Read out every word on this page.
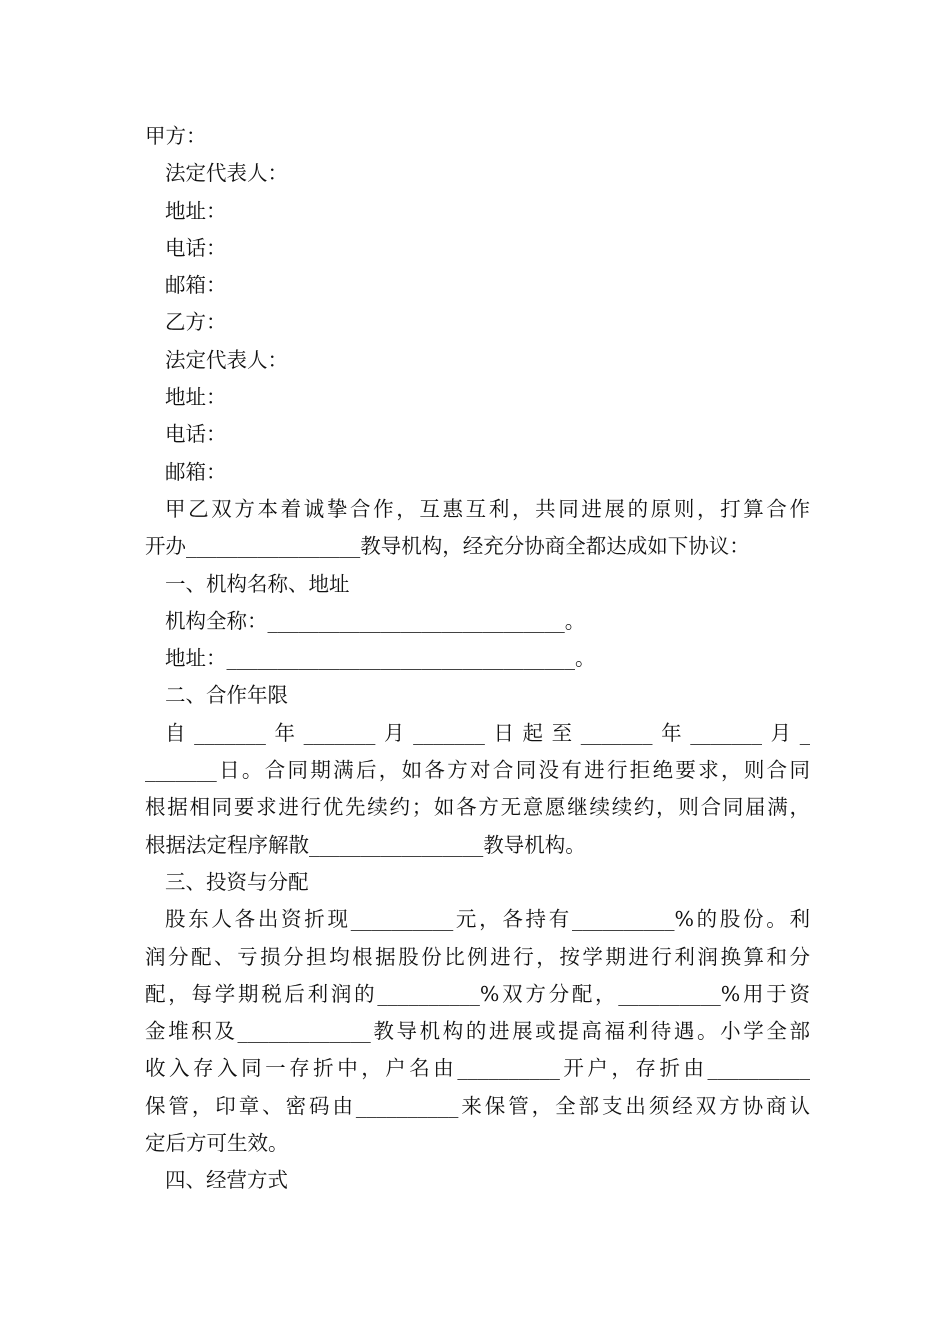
甲方：
法定代表人：
地址：
电话：
邮箱：
乙方：
法定代表人：
地址：
电话：
邮箱：
甲乙双方本着诚挚合作，互惠互利，共同进展的原则，打算合作
开办_________________教导机构，经充分协商全都达成如下协议：
一、机构名称、地址
机构全称：_____________________________。
地址：__________________________________。
二、合作年限
自_______年_______月_______日起至_______年_______月_
_______日。合同期满后，如各方对合同没有进行拒绝要求，则合同
根据相同要求进行优先续约；如各方无意愿继续续约，则合同届满，
根据法定程序解散_________________教导机构。
三、投资与分配
股东人各出资折现__________元，各持有__________%的股份。利
润分配、亏损分担均根据股份比例进行，按学期进行利润换算和分
配，每学期税后利润的__________%双方分配，__________%用于资
金堆积及_____________教导机构的进展或提高福利待遇。小学全部
收入存入同一存折中，户名由__________开户，存折由__________
保管，印章、密码由__________来保管，全部支出须经双方协商认
定后方可生效。
四、经营方式
